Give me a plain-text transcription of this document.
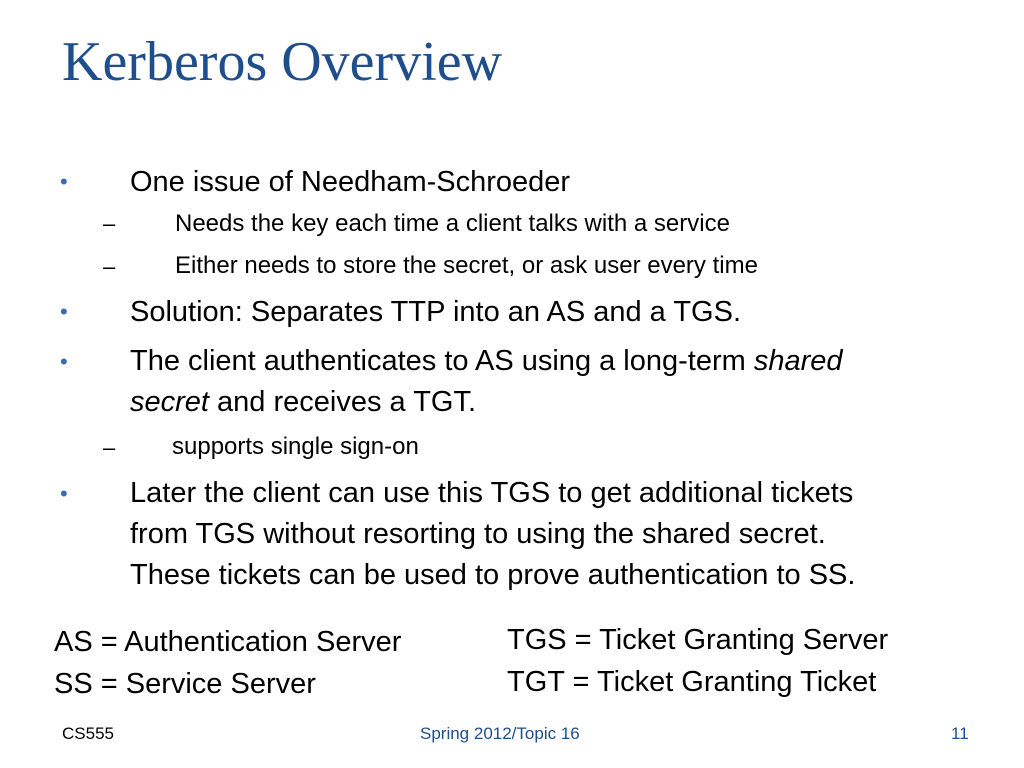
Kerberos Overview
• One issue of Needham-Schroeder
– Needs the key each time a client talks with a service
– Either needs to store the secret, or ask user every time
• Solution: Separates TTP into an AS and a TGS.
• The client authenticates to AS using a long-term shared
secret and receives a TGT.
– supports single sign-on
• Later the client can use this TGS to get additional tickets
from TGS without resorting to using the shared secret.
These tickets can be used to prove authentication to SS.
AS = Authentication Server
SS = Service Server
TGS = Ticket Granting Server
TGT = Ticket Granting Ticket
CS555	Spring 2012/Topic 16	11
